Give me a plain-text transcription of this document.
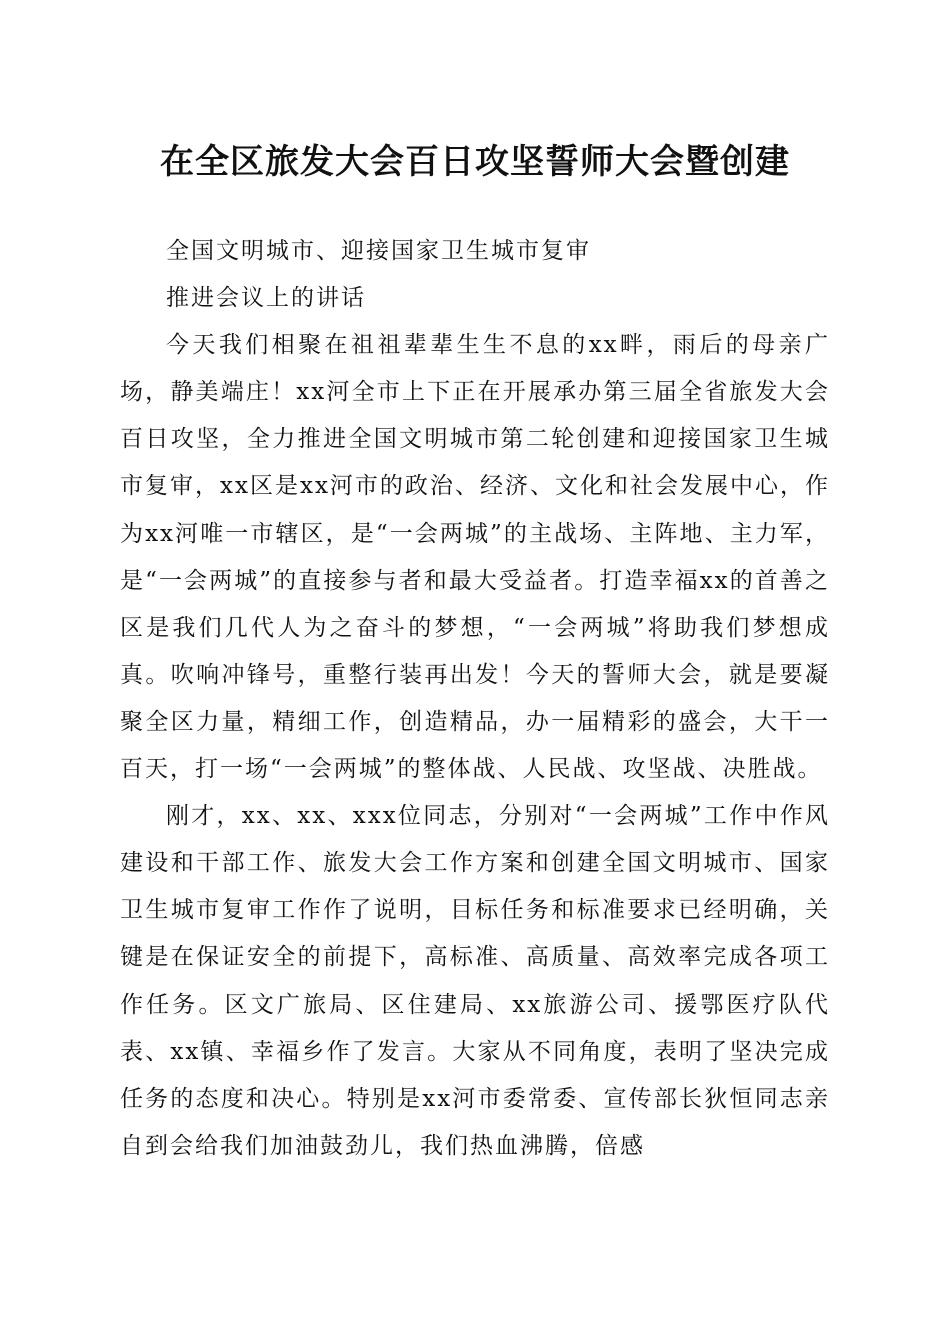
在全区旅发大会百日攻坚誓师大会暨创建

全国文明城市、迎接国家卫生城市复审

推进会议上的讲话

今天我们相聚在祖祖辈辈生生不息的xx畔，雨后的母亲广场，静美端庄！xx河全市上下正在开展承办第三届全省旅发大会百日攻坚，全力推进全国文明城市第二轮创建和迎接国家卫生城市复审，xx区是xx河市的政治、经济、文化和社会发展中心，作为xx河唯一市辖区，是“一会两城”的主战场、主阵地、主力军，是“一会两城”的直接参与者和最大受益者。打造幸福xx的首善之区是我们几代人为之奋斗的梦想，“一会两城”将助我们梦想成真。吹响冲锋号，重整行装再出发！今天的誓师大会，就是要凝聚全区力量，精细工作，创造精品，办一届精彩的盛会，大干一百天，打一场“一会两城”的整体战、人民战、攻坚战、决胜战。

刚才，xx、xx、xxx位同志，分别对“一会两城”工作中作风建设和干部工作、旅发大会工作方案和创建全国文明城市、国家卫生城市复审工作作了说明，目标任务和标准要求已经明确，关键是在保证安全的前提下，高标准、高质量、高效率完成各项工作任务。区文广旅局、区住建局、xx旅游公司、援鄂医疗队代表、xx镇、幸福乡作了发言。大家从不同角度，表明了坚决完成任务的态度和决心。特别是xx河市委常委、宣传部长狄恒同志亲自到会给我们加油鼓劲儿，我们热血沸腾，倍感
